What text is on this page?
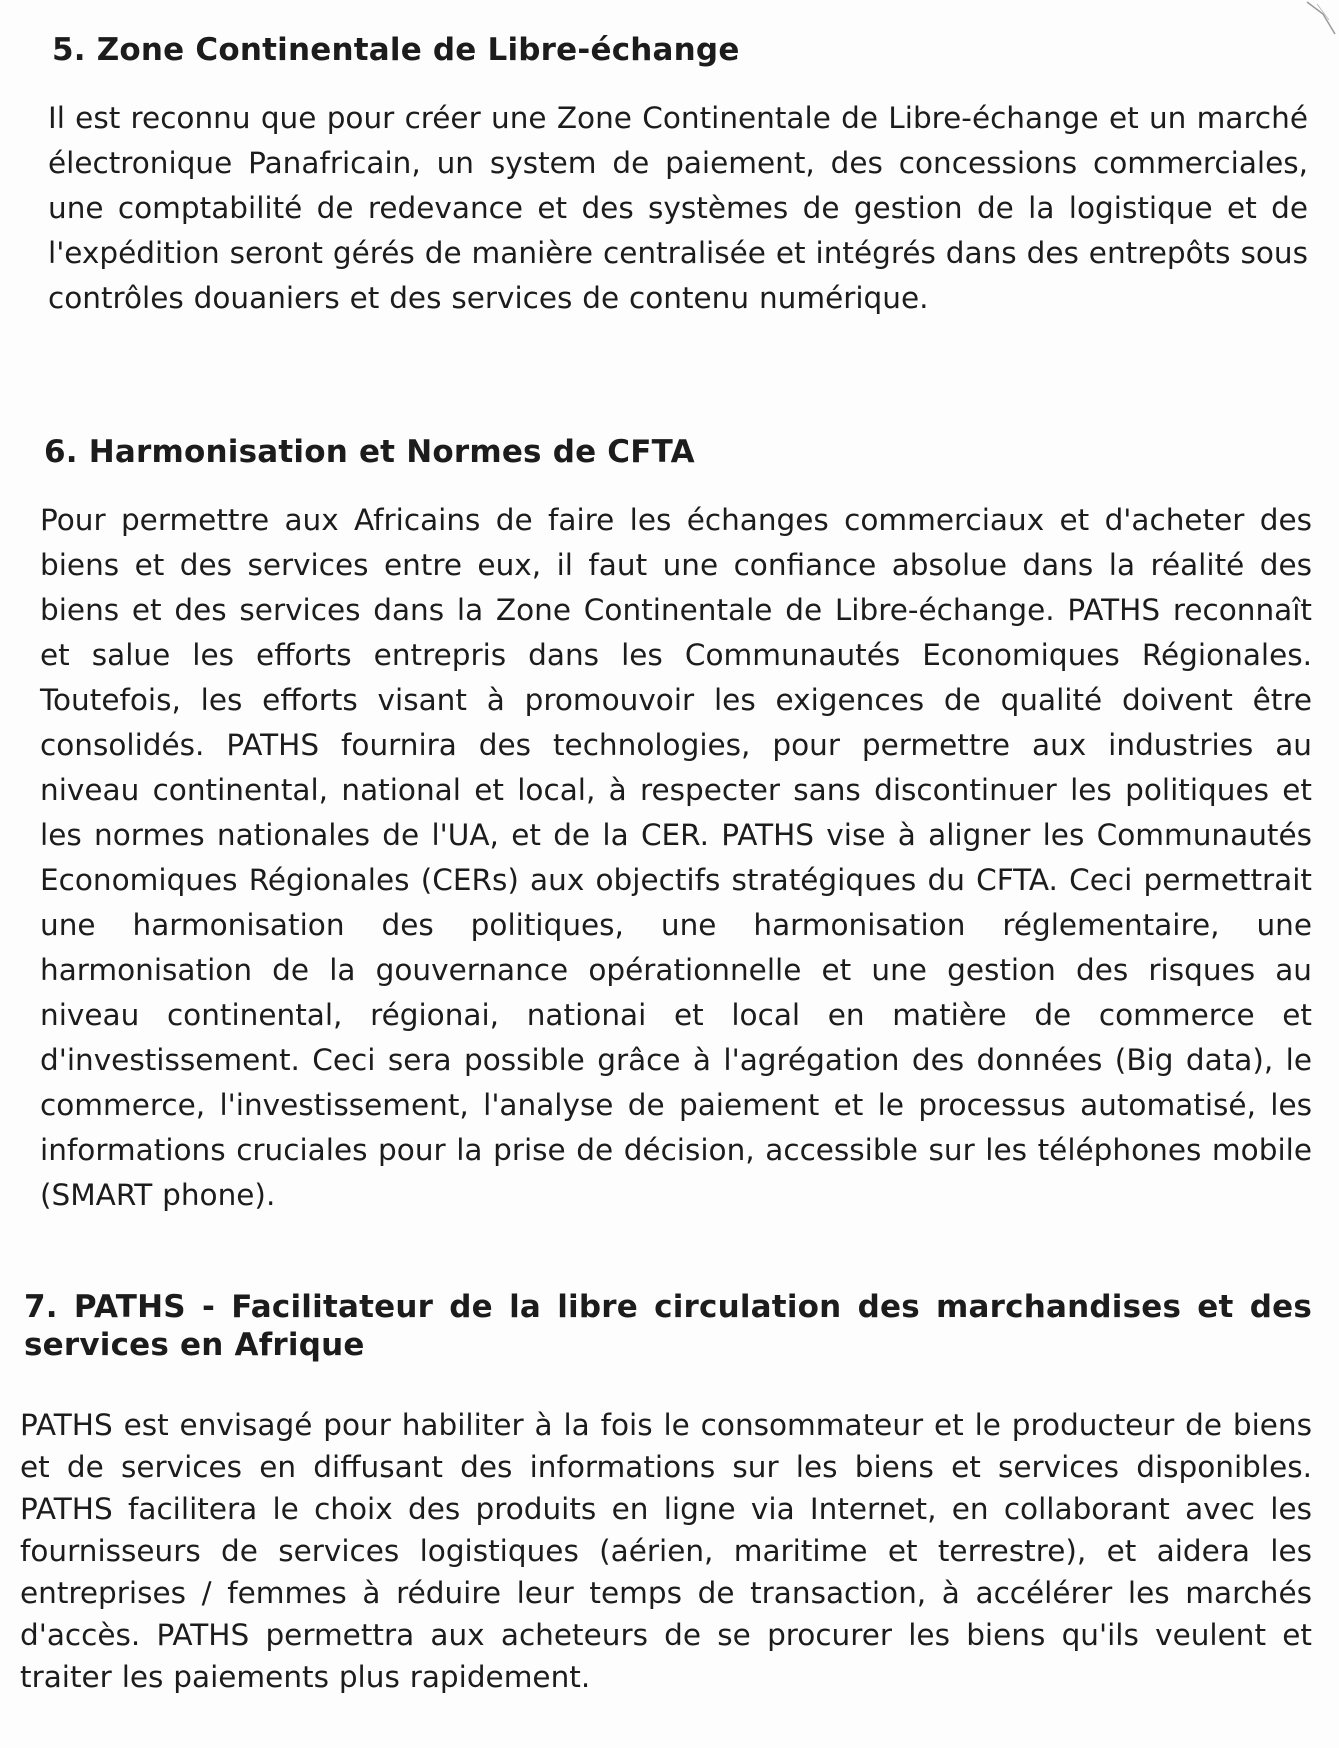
5. Zone Continentale de Libre-échange

Il est reconnu que pour créer une Zone Continentale de Libre-échange et un marché électronique Panafricain, un system de paiement, des concessions commerciales, une comptabilité de redevance et des systèmes de gestion de la logistique et de l'expédition seront gérés de manière centralisée et intégrés dans des entrepôts sous contrôles douaniers et des services de contenu numérique.

6. Harmonisation et Normes de CFTA

Pour permettre aux Africains de faire les échanges commerciaux et d'acheter des biens et des services entre eux, il faut une confiance absolue dans la réalité des biens et des services dans la Zone Continentale de Libre-échange. PATHS reconnaît et salue les efforts entrepris dans les Communautés Economiques Régionales. Toutefois, les efforts visant à promouvoir les exigences de qualité doivent être consolidés. PATHS fournira des technologies, pour permettre aux industries au niveau continental, national et local, à respecter sans discontinuer les politiques et les normes nationales de l'UA, et de la CER. PATHS vise à aligner les Communautés Economiques Régionales (CERs) aux objectifs stratégiques du CFTA. Ceci permettrait une harmonisation des politiques, une harmonisation réglementaire, une harmonisation de la gouvernance opérationnelle et une gestion des risques au niveau continental, régionai, nationai et local en matière de commerce et d'investissement. Ceci sera possible grâce à l'agrégation des données (Big data), le commerce, l'investissement, l'analyse de paiement et le processus automatisé, les informations cruciales pour la prise de décision, accessible sur les téléphones mobile (SMART phone).

7. PATHS - Facilitateur de la libre circulation des marchandises et des services en Afrique

PATHS est envisagé pour habiliter à la fois le consommateur et le producteur de biens et de services en diffusant des informations sur les biens et services disponibles. PATHS facilitera le choix des produits en ligne via Internet, en collaborant avec les fournisseurs de services logistiques (aérien, maritime et terrestre), et aidera les entreprises / femmes à réduire leur temps de transaction, à accélérer les marchés d'accès. PATHS permettra aux acheteurs de se procurer les biens qu'ils veulent et traiter les paiements plus rapidement.
